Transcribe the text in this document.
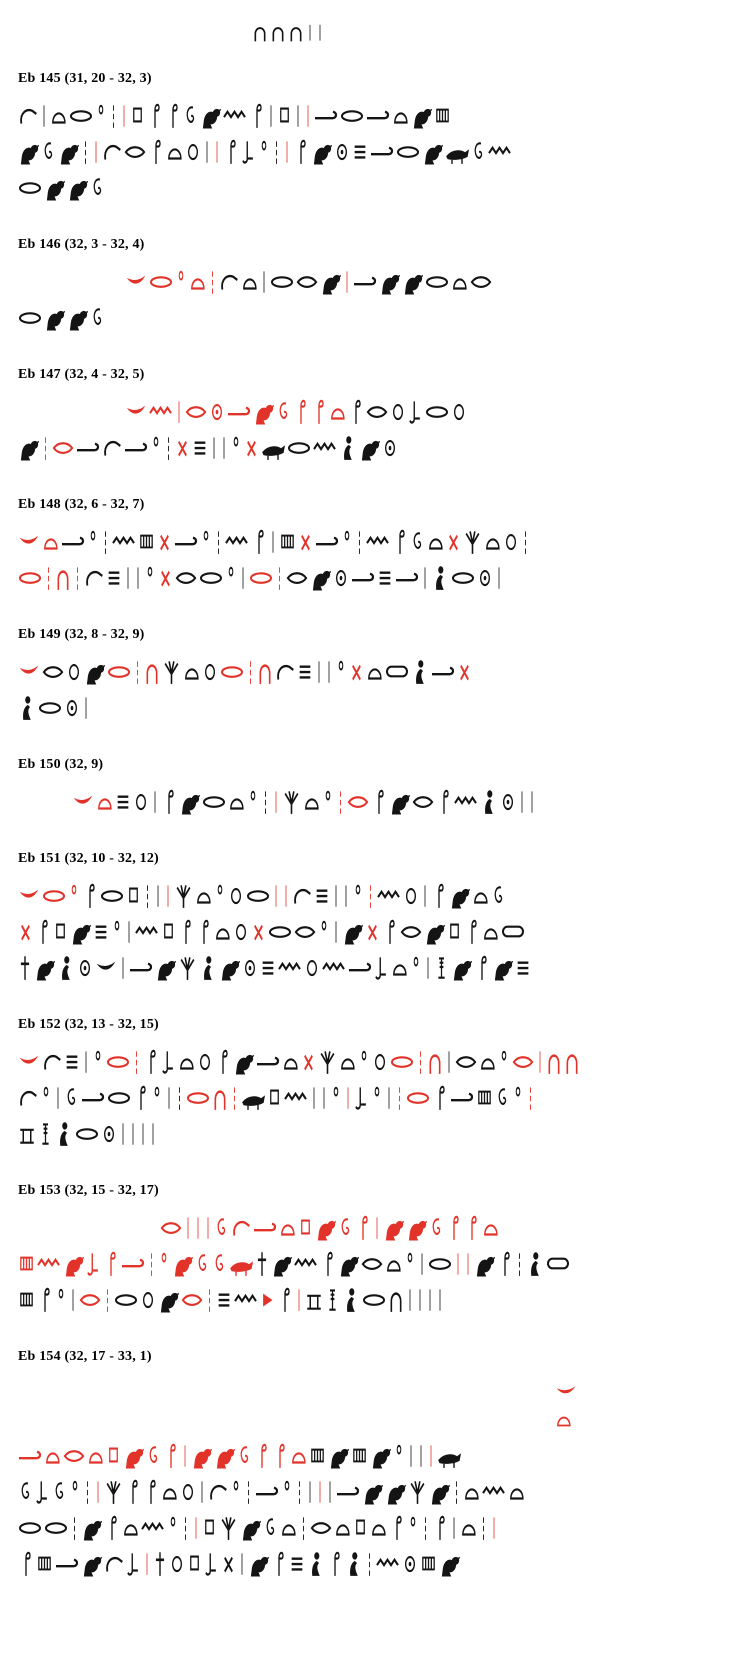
Eb 145 (31, 20 - 32, 3)
Eb 146 (32, 3 - 32, 4)
Eb 147 (32, 4 - 32, 5)
Eb 148 (32, 6 - 32, 7)
Eb 149 (32, 8 - 32, 9)
Eb 150 (32, 9)
Eb 151 (32, 10 - 32, 12)
Eb 152 (32, 13 - 32, 15)
Eb 153 (32, 15 - 32, 17)
Eb 154 (32, 17 - 33, 1)
